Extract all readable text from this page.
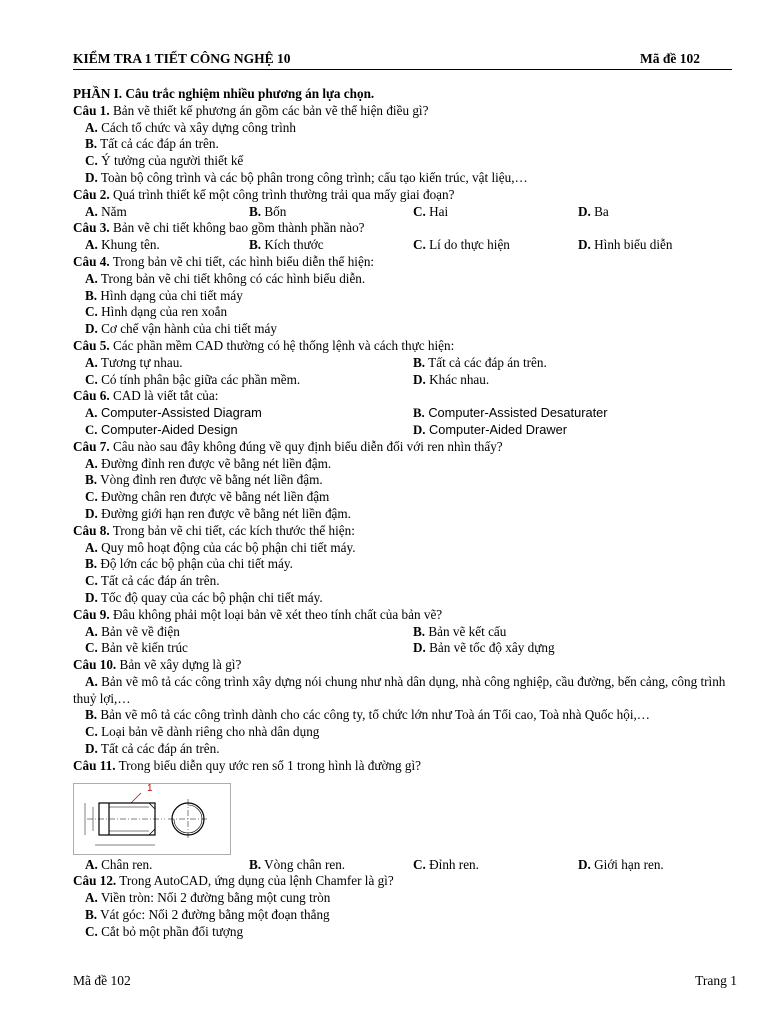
KIỂM TRA 1 TIẾT CÔNG NGHỆ 10	Mã đề 102
PHẦN I. Câu trắc nghiệm nhiều phương án lựa chọn.
Câu 1. Bản vẽ thiết kế phương án gồm các bản vẽ thể hiện điều gì?
A. Cách tổ chức và xây dựng công trình
B. Tất cả các đáp án trên.
C. Ý tưởng của người thiết kế
D. Toàn bộ công trình và các bộ phân trong công trình; cấu tạo kiến trúc, vật liệu,…
Câu 2. Quá trình thiết kế một công trình thường trải qua mấy giai đoạn?
A. Năm	B. Bốn	C. Hai	D. Ba
Câu 3. Bản vẽ chi tiết không bao gồm thành phần nào?
A. Khung tên.	B. Kích thước	C. Lí do thực hiện	D. Hình biểu diễn
Câu 4. Trong bản vẽ chi tiết, các hình biểu diễn thể hiện:
A. Trong bản vẽ chi tiết không có các hình biểu diễn.
B. Hình dạng của chi tiết máy
C. Hình dạng của ren xoắn
D. Cơ chế vận hành của chi tiết máy
Câu 5. Các phần mềm CAD thường có hệ thống lệnh và cách thực hiện:
A. Tương tự nhau.	B. Tất cả các đáp án trên.
C. Có tính phân bậc giữa các phần mềm.	D. Khác nhau.
Câu 6. CAD là viết tắt của:
A. Computer-Assisted Diagram	B. Computer-Assisted Desaturater
C. Computer-Aided Design	D. Computer-Aided Drawer
Câu 7. Câu nào sau đây không đúng về quy định biểu diễn đối với ren nhìn thấy?
A. Đường đỉnh ren được vẽ bằng nét liền đậm.
B. Vòng đỉnh ren được vẽ bằng nét liền đậm.
C. Đường chân ren được vẽ bằng nét liền đậm
D. Đường giới hạn ren được vẽ bằng nét liền đậm.
Câu 8. Trong bản vẽ chi tiết, các kích thước thể hiện:
A. Quy mô hoạt động của các bộ phận chi tiết máy.
B. Độ lớn các bộ phận của chi tiết máy.
C. Tất cả các đáp án trên.
D. Tốc độ quay của các bộ phận chi tiết máy.
Câu 9. Đâu không phải một loại bản vẽ xét theo tính chất của bản vẽ?
A. Bản vẽ về điện	B. Bản vẽ kết cấu
C. Bản vẽ kiến trúc	D. Bản vẽ tốc độ xây dựng
Câu 10. Bản vẽ xây dựng là gì?
A. Bản vẽ mô tả các công trình xây dựng nói chung như nhà dân dụng, nhà công nghiệp, cầu đường, bến cảng, công trình thuỷ lợi,…
B. Bản vẽ mô tả các công trình dành cho các công ty, tổ chức lớn như Toà án Tối cao, Toà nhà Quốc hội,…
C. Loại bản vẽ dành riêng cho nhà dân dụng
D. Tất cả các đáp án trên.
Câu 11. Trong biểu diễn quy ước ren số 1 trong hình là đường gì?
1
A. Chân ren.	B. Vòng chân ren.	C. Đỉnh ren.	D. Giới hạn ren.
Câu 12. Trong AutoCAD, ứng dụng của lệnh Chamfer là gì?
A. Viền tròn: Nối 2 đường bằng một cung tròn
B. Vát góc: Nối 2 đường bằng một đoạn thẳng
C. Cắt bỏ một phần đối tượng
Mã đề 102	Trang 1
